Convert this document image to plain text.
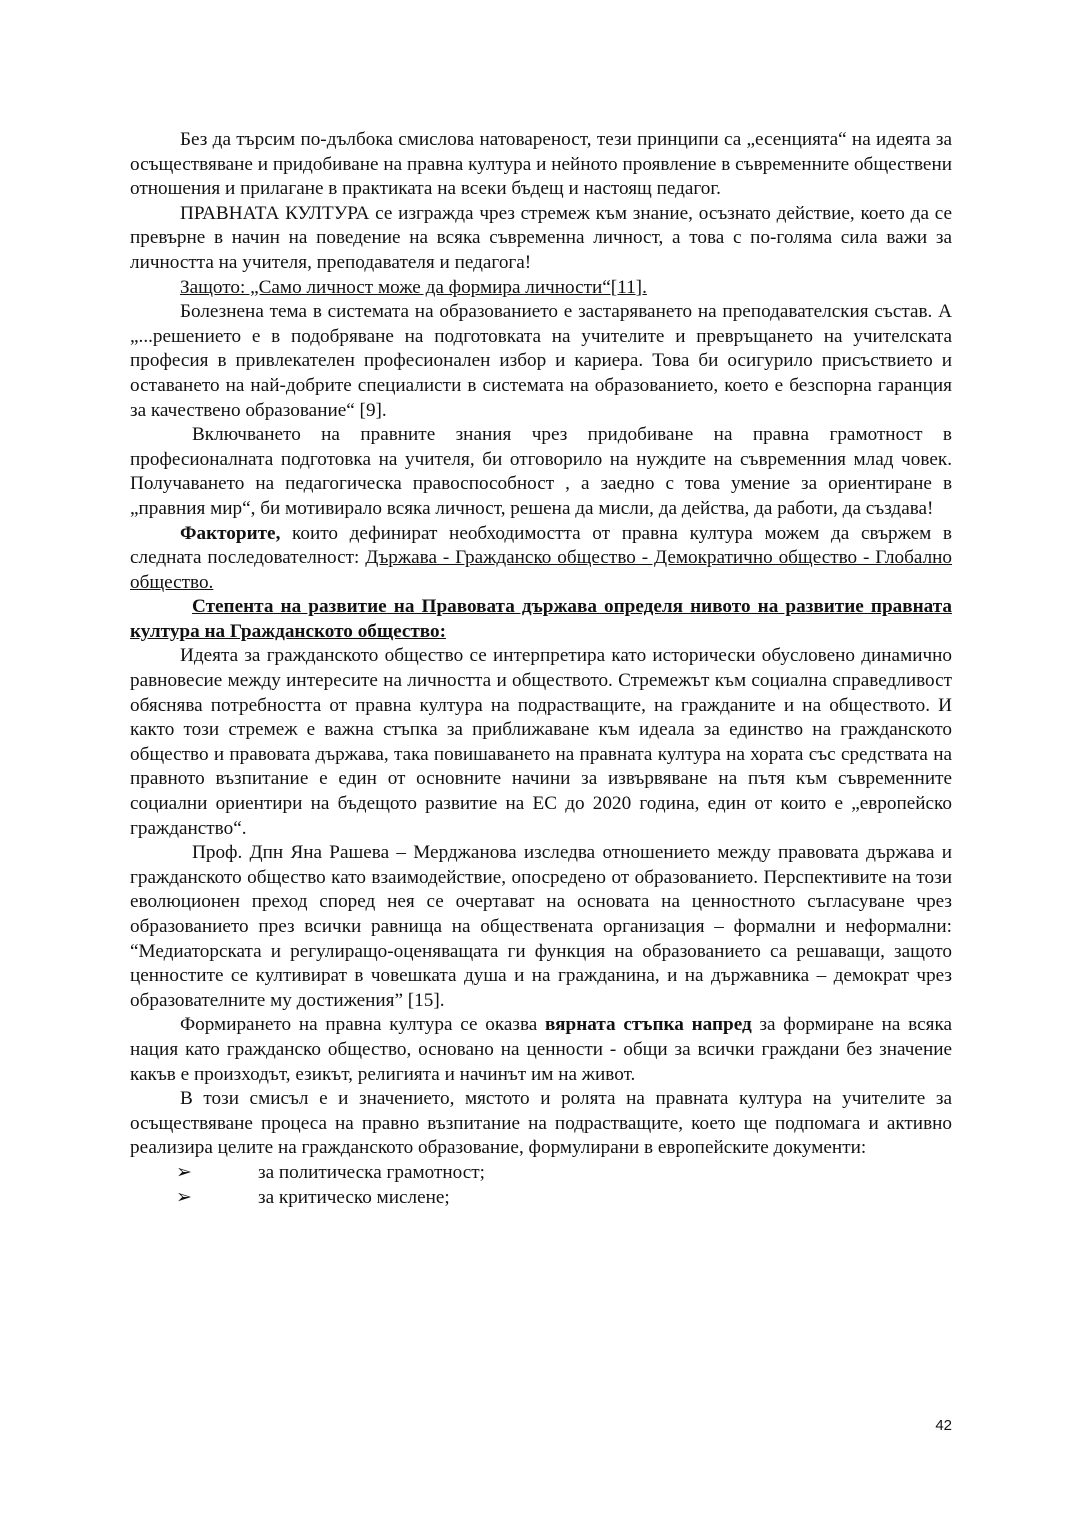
Без да търсим по-дълбока смислова натовареност, тези принципи са „есенцията“ на идеята за осъществяване и придобиване на правна култура и нейното проявление в съвременните обществени отношения и прилагане в практиката на всеки бъдещ и настоящ педагог.

ПРАВНАТА КУЛТУРА се изгражда чрез стремеж към знание, осъзнато действие, което да се превърне в начин на поведение на всяка съвременна личност, а това с по-голяма сила важи за личността на учителя, преподавателя и педагога!

Защото: „Само личност може да формира личности“[11].

Болезнена тема в системата на образованието е застаряването на преподавателския състав. А „...решението е в подобряване на подготовката на учителите и превръщането на учителската професия в привлекателен професионален избор и кариера. Това би осигурило присъствието и оставането на най-добрите специалисти в системата на образованието, което е безспорна гаранция за качествено образование“ [9].

Включването на правните знания чрез придобиване на правна грамотност в професионалната подготовка на учителя, би отговорило на нуждите на съвременния млад човек. Получаването на педагогическа правоспособност , а заедно с това умение за ориентиране в „правния мир“, би мотивирало всяка личност, решена да мисли, да действа, да работи, да създава!

Факторите, които дефинират необходимостта от правна култура можем да свържем в следната последователност: Държава - Гражданско общество - Демократично общество - Глобално общество.

Степента на развитие на Правовата държава определя нивото на развитие правната култура на Гражданското общество:

Идеята за гражданското общество се интерпретира като исторически обусловено динамично равновесие между интересите на личността и обществото. Стремежът към социална справедливост обяснява потребността от правна култура на подрастващите, на гражданите и на обществото. И както този стремеж е важна стъпка за приближаване към идеала за единство на гражданското общество и правовата държава, така повишаването на правната култура на хората със средствата на правното възпитание е един от основните начини за извървяване на пътя към съвременните социални ориентири на бъдещото развитие на ЕС до 2020 година, един от които е „европейско гражданство“.

Проф. Дпн Яна Рашева – Мерджанова изследва отношението между правовата държава и гражданското общество като взаимодействие, опосредено от образованието. Перспективите на този еволюционен преход според нея се очертават на основата на ценностното съгласуване чрез образованието през всички равнища на обществената организация – формални и неформални: “Медиаторската и регулиращо-оценяващата ги функция на образованието са решаващи, защото ценностите се култивират в човешката душа и на гражданина, и на държавника – демократ чрез образователните му достижения” [15].

Формирането на правна култура се оказва вярната стъпка напред за формиране на всяка нация като гражданско общество, основано на ценности - общи за всички граждани без значение какъв е произходът, езикът, религията и начинът им на живот.

В този смисъл е и значението, мястото и ролята на правната култура на учителите за осъществяване процеса на правно възпитание на подрастващите, което ще подпомага и активно реализира целите на гражданското образование, формулирани в европейските документи:

➢	за политическа грамотност;
➢	за критическо мислене;
42
